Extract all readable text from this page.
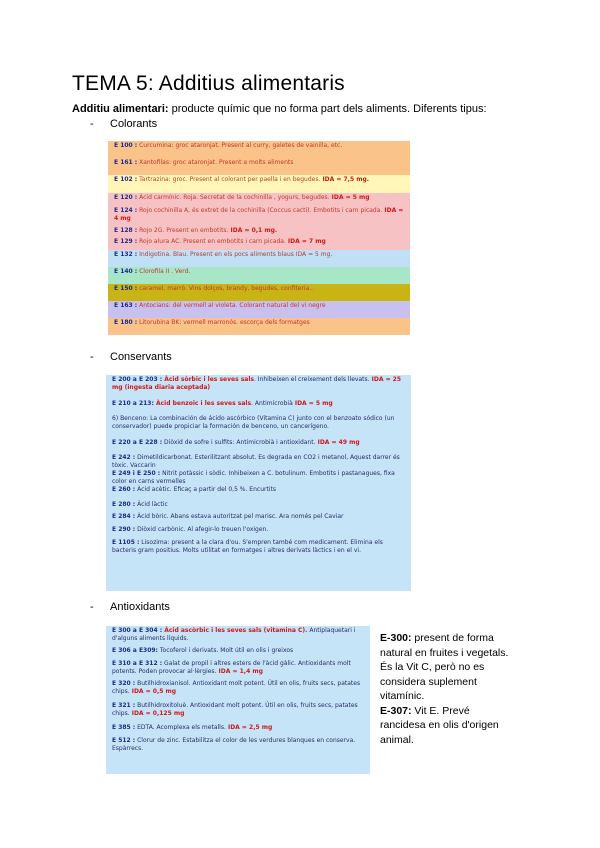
TEMA 5: Additius alimentaris
Additiu alimentari: producte químic que no forma part dels aliments. Diferents tipus:
- Colorants
E 100 : Curcumina: groc ataronjat. Present al curry, galetes de vainilla, etc.
E 161 : Xantofilas: groc ataronjat. Present a molts aliments
E 102 : Tartrazina: groc. Present al colorant per paella i en begudes. IDA = 7,5 mg.
E 120 : Àcid carmínic. Roja. Secretat de la cochinilla , yogurs, begudes. IDA = 5 mg
E 124 : Rojo cochinilla A, és extret de la cochinilla (Coccus cacti). Embotits i carn picada. IDA = 4 mg
E 128 : Rojo 2G. Present en embotits. IDA = 0,1 mg.
E 129 : Rojo alura AC. Present en embotits i carn picada. IDA = 7 mg
E 132 : Indigotina. Blau. Present en els pocs aliments blaus IDA = 5 mg.
E 140 : Clorofila II . Verd.
E 150 : caramel, marró. Vins dolços, brandy, begudes, confiteria..
E 163 : Antocians: del vermell al violeta. Colorant natural del vi negre
E 180 : Litorubina BK: vermell marronós. escorça dels formatges
- Conservants
E 200 a E 203 : Àcid sòrbic i les seves sals. Inhibeixen el creixement dels llevats. IDA = 25 mg (ingesta diaria aceptada)
E 210 a 213: Àcid benzoic i les seves sals. Antimicrobià IDA = 5 mg
6) Benceno: La combinación de ácido ascórbico (Vitamina C) junto con el benzoato sódico (un conservador) puede propiciar la formación de benceno, un cancerígeno.
E 220 a E 228 : Diòxid de sofre i sulfits: Antimicrobià i antioxidant. IDA = 49 mg
E 242 : Dimetildicarbonat. Esterilitzant absolut. Es degrada en CO2 i metanol, Aquest darrer és tòxic. Vaccarin
E 249 i E 250 : Nitrit potàssic i sòdic. Inhibeixen a C. botulinum. Embotits i pastanagues, fixa color en carns vermelles
E 260 : Àcid acètic. Eficaç a partir del 0,5 %. Encurtits
E 280 : Àcid làctic
E 284 : Àcid bòric. Abans estava autoritzat pel marisc. Ara només pel Caviar
E 290 : Diòxid carbònic. Al afegir-lo treuen l'oxigen.
E 1105 : Lisozima: present a la clara d'ou. S'empren també com medicament. Elimina els bacteris gram positius. Molts utilitat en formatges i altres derivats làctics i en el vi.
- Antioxidants
E 300 a E 304 : Àcid ascòrbic i les seves sals (vitamina C). Antiplaquetari i d'alguns aliments líquids.
E 306 a E309: Tocoferol i derivats. Molt útil en olis i greixos
E 310 a E 312 : Galat de propil i altres esters de l'àcid gàlic. Antioxidants molt potents. Poden provocar al·lèrgies. IDA = 1,4 mg
E 320 : Butilhidroxianisol. Antioxidant molt potent. Útil en olis, fruits secs, patates chips. IDA = 0,5 mg
E 321 : Butilhidroxitoluè. Antioxidant molt potent. Útil en olis, fruits secs, patates chips. IDA = 0,125 mg
E 385 : EDTA. Acomplexa els metalls. IDA = 2,5 mg
E 512 : Clorur de zinc. Estabilitza el color de les verdures blanques en conserva. Espàrrecs.
E-300: present de forma natural en fruites i vegetals. És la Vit C, però no es considera suplement vitamínic.
E-307: Vit E. Prevé rancidesa en olis d'origen animal.
